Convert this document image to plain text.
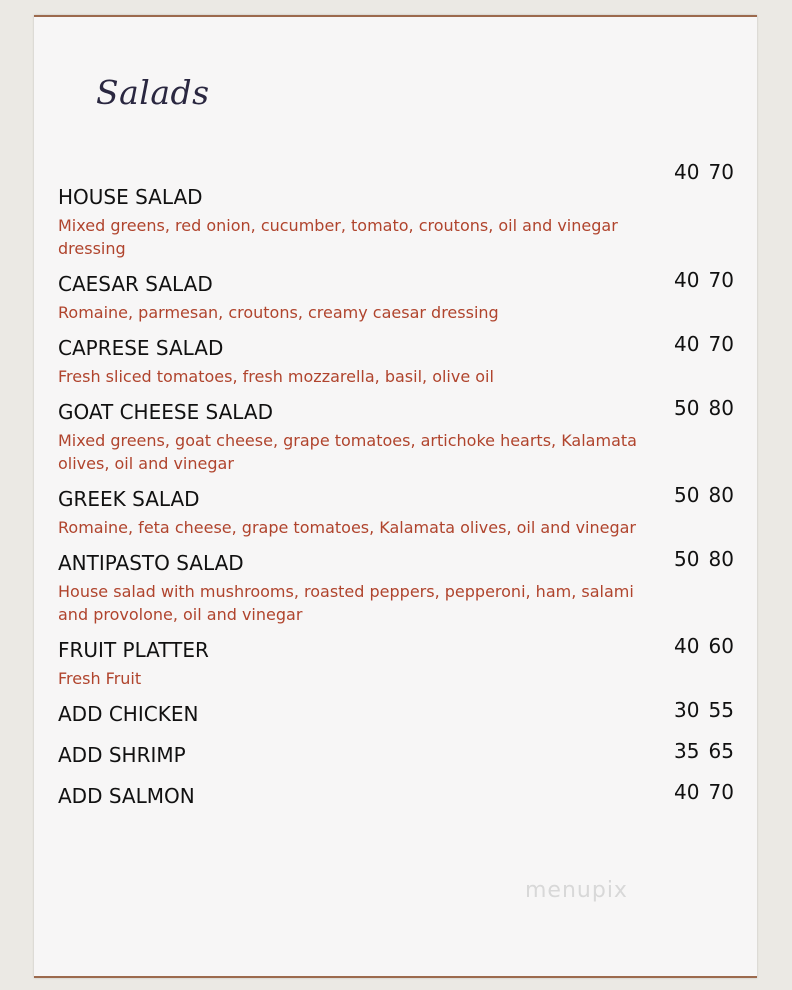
Salads
HOUSE SALAD
Mixed greens, red onion, cucumber, tomato, croutons, oil and vinegar dressing
40 70
CAESAR SALAD
Romaine, parmesan, croutons, creamy caesar dressing
40 70
CAPRESE SALAD
Fresh sliced tomatoes, fresh mozzarella, basil, olive oil
40 70
GOAT CHEESE SALAD
Mixed greens, goat cheese, grape tomatoes, artichoke hearts, Kalamata olives, oil and vinegar
50 80
GREEK SALAD
Romaine, feta cheese, grape tomatoes, Kalamata olives, oil and vinegar
50 80
ANTIPASTO SALAD
House salad with mushrooms, roasted peppers, pepperoni, ham, salami and provolone, oil and vinegar
50 80
FRUIT PLATTER
Fresh Fruit
40 60
ADD CHICKEN	30 55
ADD SHRIMP	35 65
ADD SALMON	40 70
menupix
